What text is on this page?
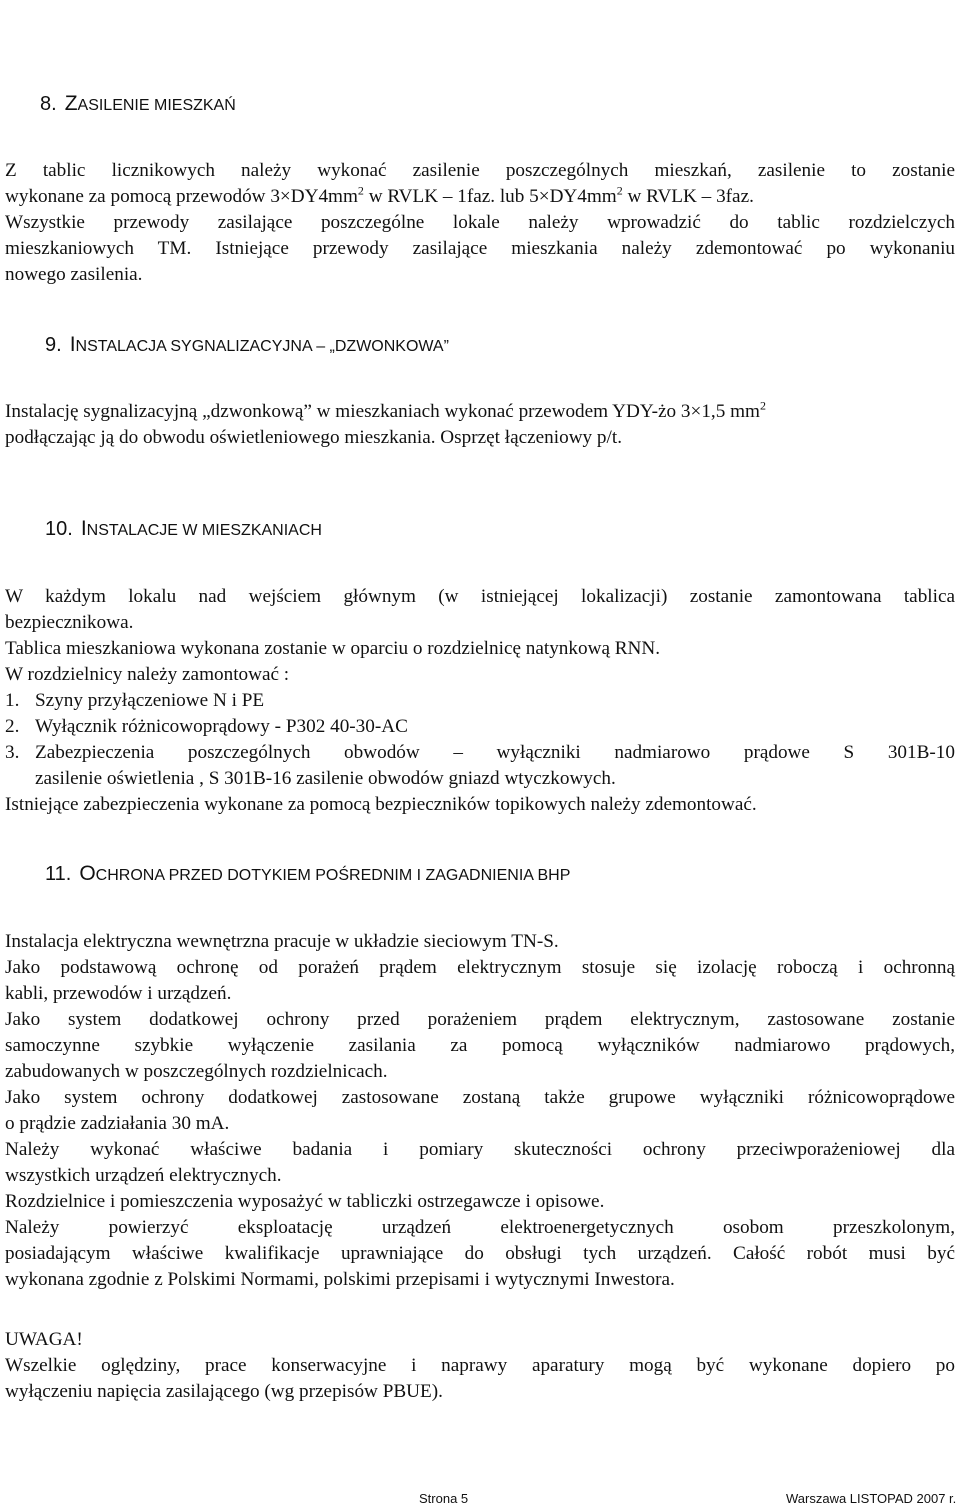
8. ZASILENIE MIESZKAŃ
Z tablic licznikowych należy wykonać zasilenie poszczególnych mieszkań, zasilenie to zostanie
wykonane za pomocą przewodów $3\times DY4mm^2$ w RVLK – 1faz. lub $5\times DY4mm^2$ w RVLK – 3faz.
Wszystkie przewody zasilające poszczególne lokale należy wprowadzić do tablic rozdzielczych
mieszkaniowych TM. Istniejące przewody zasilające mieszkania należy zdemontować po wykonaniu
nowego zasilenia.
9. INSTALACJA SYGNALIZACYJNA – „DZWONKOWA”
Instalację sygnalizacyjną „dzwonkową” w mieszkaniach wykonać przewodem YDY-żo 3×1,5 $mm^2$
podłączając ją do obwodu oświetleniowego mieszkania. Osprzęt łączeniowy p/t.
10. INSTALACJE W MIESZKANIACH
W każdym lokalu nad wejściem głównym (w istniejącej lokalizacji) zostanie zamontowana tablica
bezpiecznikowa.
Tablica mieszkaniowa wykonana zostanie w oparciu o rozdzielnicę natynkową RNN.
W rozdzielnicy należy zamontować :
1. Szyny przyłączeniowe N i PE
2. Wyłącznik różnicowoprądowy - P302 40-30-AC
3. Zabezpieczenia poszczególnych obwodów – wyłączniki nadmiarowo prądowe S 301B-10
zasilenie oświetlenia , S 301B-16 zasilenie obwodów gniazd wtyczkowych.
Istniejące zabezpieczenia wykonane za pomocą bezpieczników topikowych należy zdemontować.
11. OCHRONA PRZED DOTYKIEM POŚREDNIM I ZAGADNIENIA BHP
Instalacja elektryczna wewnętrzna pracuje w układzie sieciowym TN-S.
Jako podstawową ochronę od porażeń prądem elektrycznym stosuje się izolację roboczą i ochronną
kabli, przewodów i urządzeń.
Jako system dodatkowej ochrony przed porażeniem prądem elektrycznym, zastosowane zostanie
samoczynne szybkie wyłączenie zasilania za pomocą wyłączników nadmiarowo prądowych,
zabudowanych w poszczególnych rozdzielnicach.
Jako system ochrony dodatkowej zastosowane zostaną także grupowe wyłączniki różnicowoprądowe
o prądzie zadziałania 30 mA.
Należy wykonać właściwe badania i pomiary skuteczności ochrony przeciwporażeniowej dla
wszystkich urządzeń elektrycznych.
Rozdzielnice i pomieszczenia wyposażyć w tabliczki ostrzegawcze i opisowe.
Należy powierzyć eksploatację urządzeń elektroenergetycznych osobom przeszkolonym,
posiadającym właściwe kwalifikacje uprawniające do obsługi tych urządzeń. Całość robót musi być
wykonana zgodnie z Polskimi Normami, polskimi przepisami i wytycznymi Inwestora.
UWAGA!
Wszelkie oględziny, prace konserwacyjne i naprawy aparatury mogą być wykonane dopiero po
wyłączeniu napięcia zasilającego (wg przepisów PBUE).
Strona 5	Warszawa LISTOPAD 2007 r.
